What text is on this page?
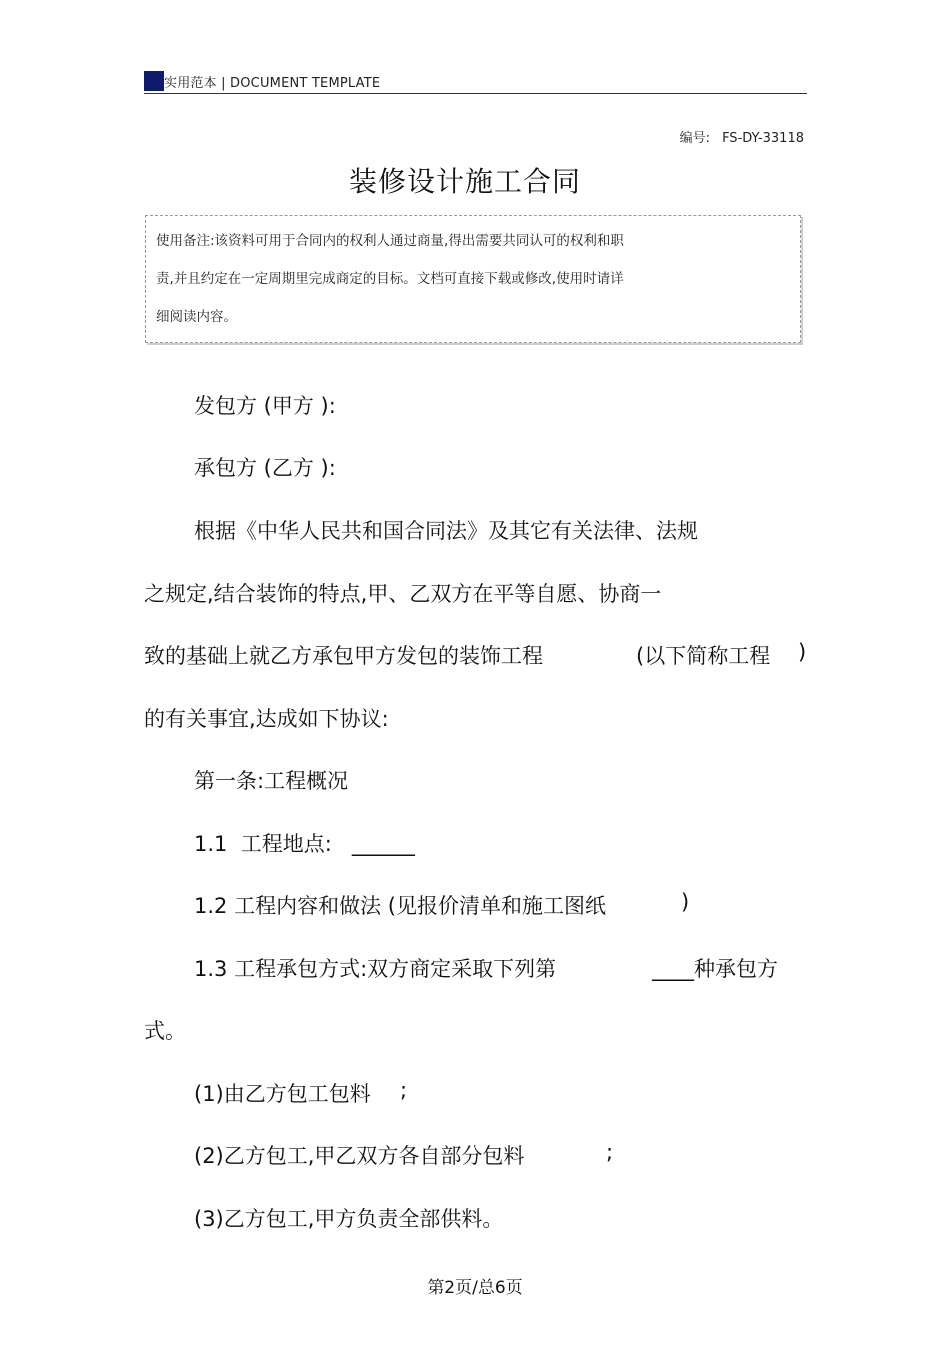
实用范本 | DOCUMENT TEMPLATE
编号: FS-DY-33118
装修设计施工合同
使用备注:该资料可用于合同内的权利人通过商量,得出需要共同认可的权利和职
责,并且约定在一定周期里完成商定的目标。文档可直接下载或修改,使用时请详
细阅读内容。
发包方 (甲方 ):
承包方 (乙方 ):
根据《中华人民共和国合同法》及其它有关法律、法规
之规定,结合装饰的特点,甲、乙双方在平等自愿、协商一
致的基础上就乙方承包甲方发包的装饰工程	(以下简称工程 )
的有关事宜,达成如下协议:
第一条:工程概况
1.1  工程地点:   ______
1.2 工程内容和做法 (见报价清单和施工图纸	)
1.3 工程承包方式:双方商定采取下列第	____种承包方
式。
(1)由乙方包工包料 ;
(2)乙方包工,甲乙双方各自部分包料	;
(3)乙方包工,甲方负责全部供料。
第2页/总6页
